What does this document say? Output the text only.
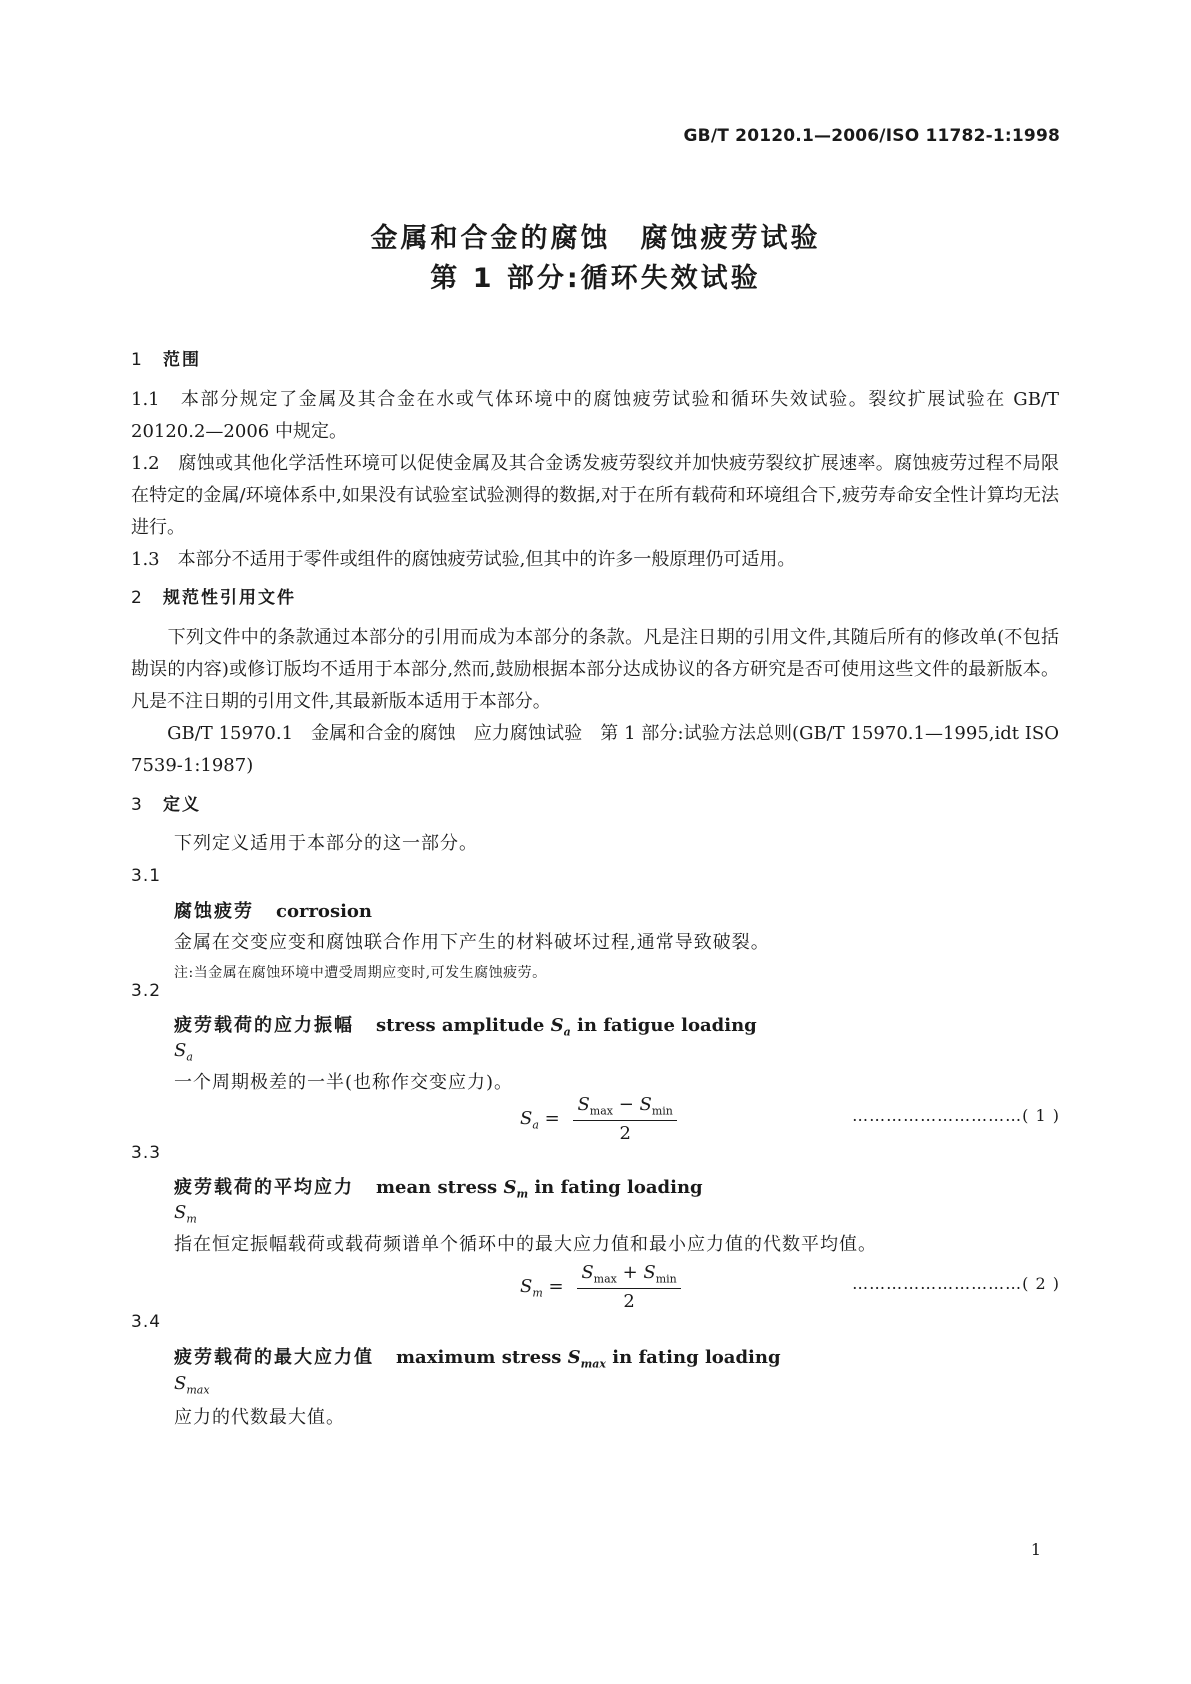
GB/T 20120.1—2006/ISO 11782-1:1998
金属和合金的腐蚀　腐蚀疲劳试验
第 1 部分:循环失效试验
1 范围
1.1　本部分规定了金属及其合金在水或气体环境中的腐蚀疲劳试验和循环失效试验。裂纹扩展试验在 GB/T 20120.2—2006 中规定。
1.2　腐蚀或其他化学活性环境可以促使金属及其合金诱发疲劳裂纹并加快疲劳裂纹扩展速率。腐蚀疲劳过程不局限在特定的金属/环境体系中,如果没有试验室试验测得的数据,对于在所有载荷和环境组合下,疲劳寿命安全性计算均无法进行。
1.3　本部分不适用于零件或组件的腐蚀疲劳试验,但其中的许多一般原理仍可适用。
2 规范性引用文件
　　下列文件中的条款通过本部分的引用而成为本部分的条款。凡是注日期的引用文件,其随后所有的修改单(不包括勘误的内容)或修订版均不适用于本部分,然而,鼓励根据本部分达成协议的各方研究是否可使用这些文件的最新版本。凡是不注日期的引用文件,其最新版本适用于本部分。
　　GB/T 15970.1　金属和合金的腐蚀　应力腐蚀试验　第 1 部分:试验方法总则(GB/T 15970.1—1995,idt ISO 7539-1:1987)
3 定义
下列定义适用于本部分的这一部分。
3.1
腐蚀疲劳 corrosion
金属在交变应变和腐蚀联合作用下产生的材料破坏过程,通常导致破裂。
注:当金属在腐蚀环境中遭受周期应变时,可发生腐蚀疲劳。
3.2
疲劳载荷的应力振幅 stress amplitude $S_a$ in fatigue loading
$S_a$
一个周期极差的一半(也称作交变应力)。
$S_a = \frac{S_{max} - S_{min}}{2}$	…………………………( 1 )
3.3
疲劳载荷的平均应力 mean stress $S_m$ in fating loading
$S_m$
指在恒定振幅载荷或载荷频谱单个循环中的最大应力值和最小应力值的代数平均值。
$S_m = \frac{S_{max} + S_{min}}{2}$	…………………………( 2 )
3.4
疲劳载荷的最大应力值 maximum stress $S_{max}$ in fating loading
$S_{max}$
应力的代数最大值。
1
